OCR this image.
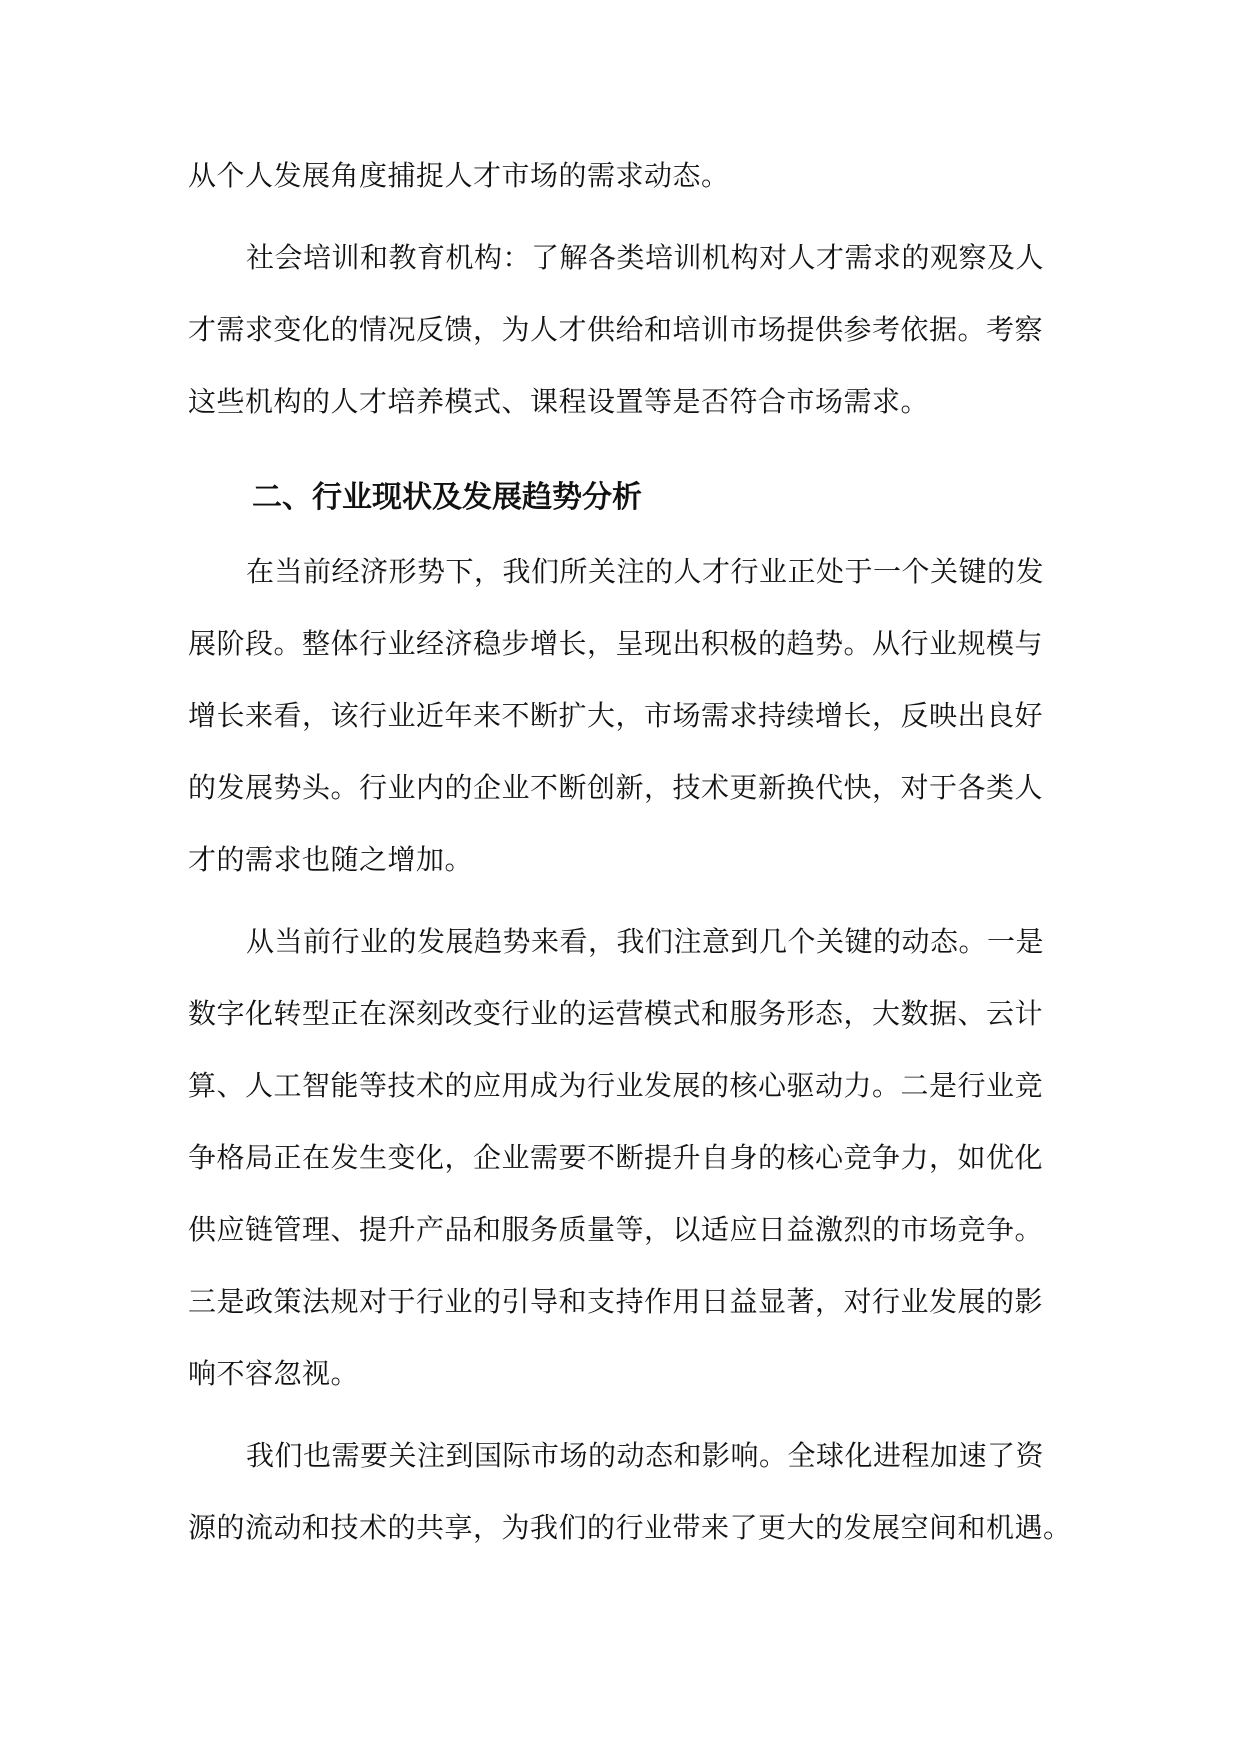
从个人发展角度捕捉人才市场的需求动态。
社会培训和教育机构：了解各类培训机构对人才需求的观察及人
才需求变化的情况反馈，为人才供给和培训市场提供参考依据。考察
这些机构的人才培养模式、课程设置等是否符合市场需求。
二、行业现状及发展趋势分析
在当前经济形势下，我们所关注的人才行业正处于一个关键的发
展阶段。整体行业经济稳步增长，呈现出积极的趋势。从行业规模与
增长来看，该行业近年来不断扩大，市场需求持续增长，反映出良好
的发展势头。行业内的企业不断创新，技术更新换代快，对于各类人
才的需求也随之增加。
从当前行业的发展趋势来看，我们注意到几个关键的动态。一是
数字化转型正在深刻改变行业的运营模式和服务形态，大数据、云计
算、人工智能等技术的应用成为行业发展的核心驱动力。二是行业竞
争格局正在发生变化，企业需要不断提升自身的核心竞争力，如优化
供应链管理、提升产品和服务质量等，以适应日益激烈的市场竞争。
三是政策法规对于行业的引导和支持作用日益显著，对行业发展的影
响不容忽视。
我们也需要关注到国际市场的动态和影响。全球化进程加速了资
源的流动和技术的共享，为我们的行业带来了更大的发展空间和机遇。
